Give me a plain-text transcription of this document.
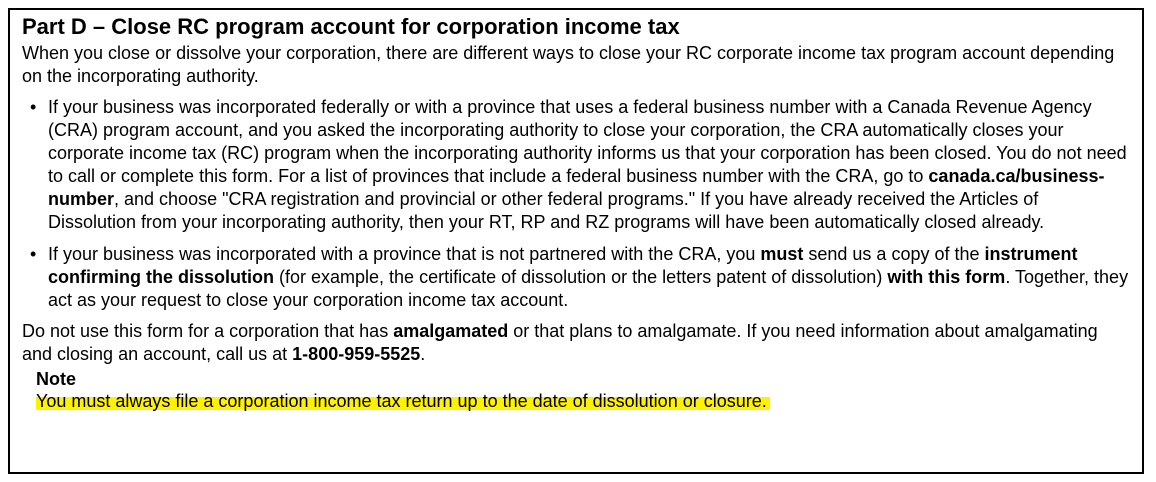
Part D – Close RC program account for corporation income tax

When you close or dissolve your corporation, there are different ways to close your RC corporate income tax program account depending on the incorporating authority.

• If your business was incorporated federally or with a province that uses a federal business number with a Canada Revenue Agency (CRA) program account, and you asked the incorporating authority to close your corporation, the CRA automatically closes your corporate income tax (RC) program when the incorporating authority informs us that your corporation has been closed. You do not need to call or complete this form. For a list of provinces that include a federal business number with the CRA, go to canada.ca/business-number, and choose "CRA registration and provincial or other federal programs." If you have already received the Articles of Dissolution from your incorporating authority, then your RT, RP and RZ programs will have been automatically closed already.
• If your business was incorporated with a province that is not partnered with the CRA, you must send us a copy of the instrument confirming the dissolution (for example, the certificate of dissolution or the letters patent of dissolution) with this form. Together, they act as your request to close your corporation income tax account.

Do not use this form for a corporation that has amalgamated or that plans to amalgamate. If you need information about amalgamating and closing an account, call us at 1-800-959-5525.

Note
You must always file a corporation income tax return up to the date of dissolution or closure.
